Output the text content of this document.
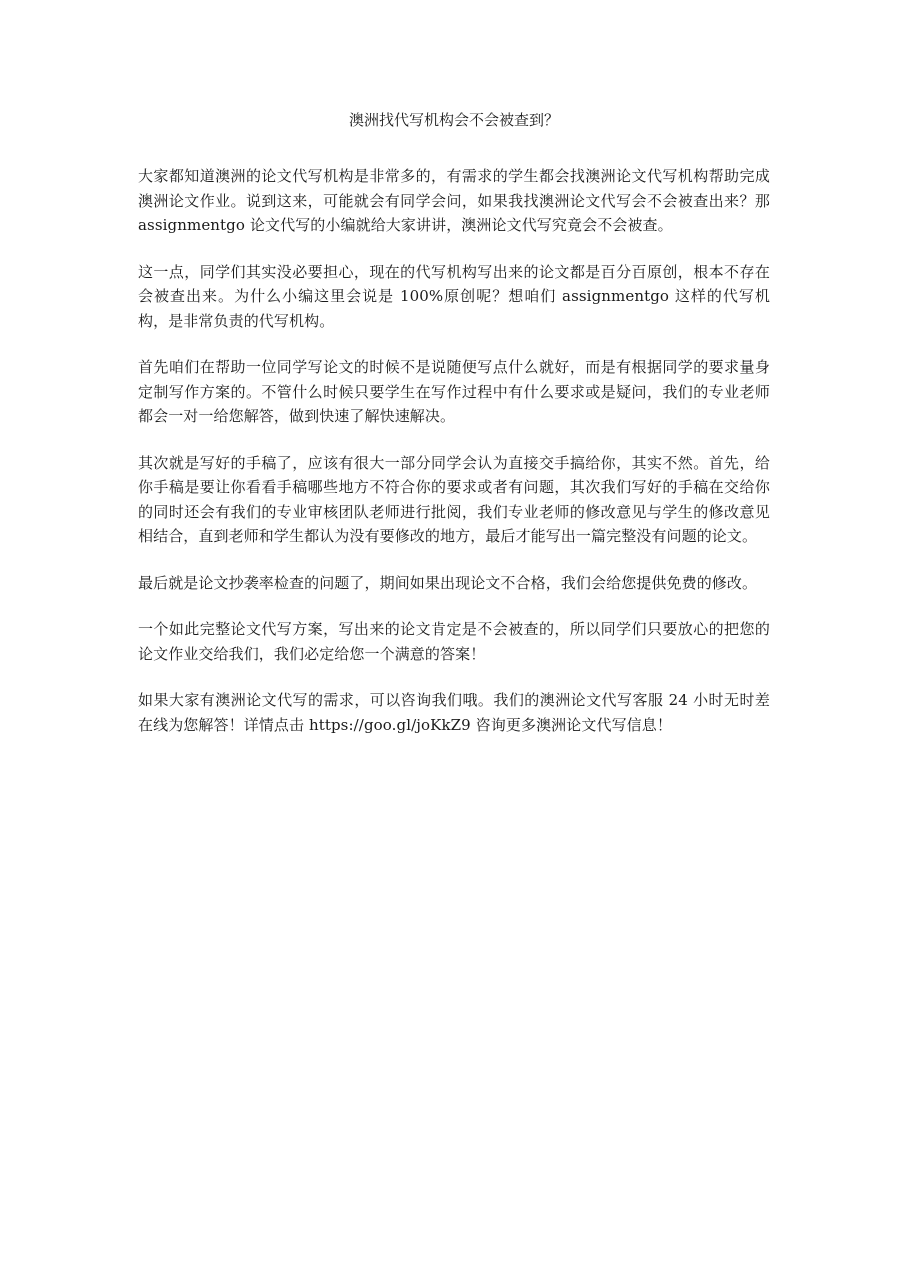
澳洲找代写机构会不会被查到？

大家都知道澳洲的论文代写机构是非常多的，有需求的学生都会找澳洲论文代写机构帮助完成澳洲论文作业。说到这来，可能就会有同学会问，如果我找澳洲论文代写会不会被查出来？那 assignmentgo 论文代写的小编就给大家讲讲，澳洲论文代写究竟会不会被查。

这一点，同学们其实没必要担心，现在的代写机构写出来的论文都是百分百原创，根本不存在会被查出来。为什么小编这里会说是 100%原创呢？想咱们 assignmentgo 这样的代写机构，是非常负责的代写机构。

首先咱们在帮助一位同学写论文的时候不是说随便写点什么就好，而是有根据同学的要求量身定制写作方案的。不管什么时候只要学生在写作过程中有什么要求或是疑问，我们的专业老师都会一对一给您解答，做到快速了解快速解决。

其次就是写好的手稿了，应该有很大一部分同学会认为直接交手搞给你，其实不然。首先，给你手稿是要让你看看手稿哪些地方不符合你的要求或者有问题，其次我们写好的手稿在交给你的同时还会有我们的专业审核团队老师进行批阅，我们专业老师的修改意见与学生的修改意见相结合，直到老师和学生都认为没有要修改的地方，最后才能写出一篇完整没有问题的论文。

最后就是论文抄袭率检查的问题了，期间如果出现论文不合格，我们会给您提供免费的修改。

一个如此完整论文代写方案，写出来的论文肯定是不会被查的，所以同学们只要放心的把您的论文作业交给我们，我们必定给您一个满意的答案！

如果大家有澳洲论文代写的需求，可以咨询我们哦。我们的澳洲论文代写客服 24 小时无时差在线为您解答！详情点击 https://goo.gl/joKkZ9 咨询更多澳洲论文代写信息！
